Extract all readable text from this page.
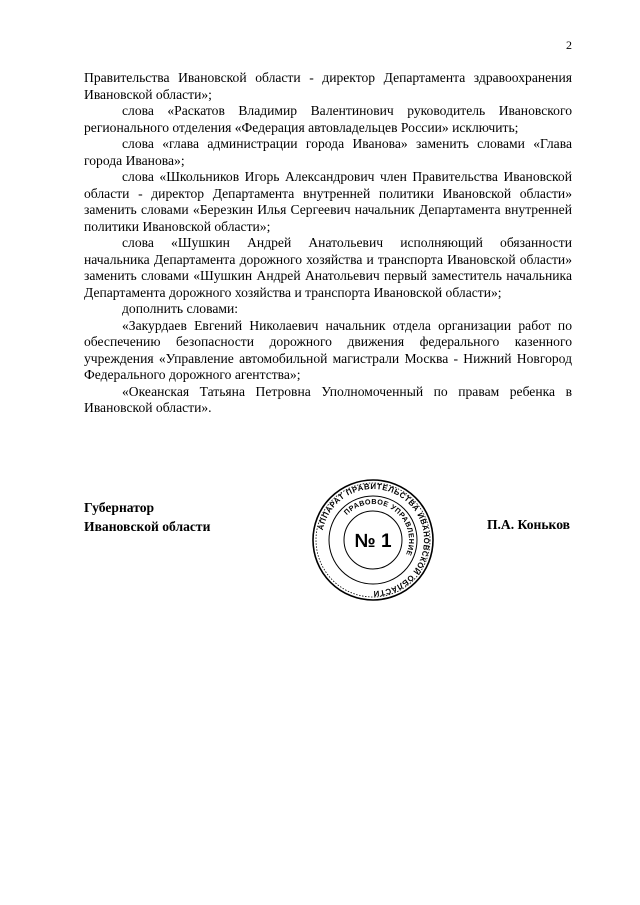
2

Правительства Ивановской области - директор Департамента здравоохранения Ивановской области»;

слова «Раскатов Владимир Валентинович руководитель Ивановского регионального отделения «Федерация автовладельцев России» исключить;

слова «глава администрации города Иванова» заменить словами «Глава города Иванова»;

слова «Школьников Игорь Александрович член Правительства Ивановской области - директор Департамента внутренней политики Ивановской области» заменить словами «Березкин Илья Сергеевич начальник Департамента внутренней политики Ивановской области»;

слова «Шушкин Андрей Анатольевич исполняющий обязанности начальника Департамента дорожного хозяйства и транспорта Ивановской области» заменить словами «Шушкин Андрей Анатольевич первый заместитель начальника Департамента дорожного хозяйства и транспорта Ивановской области»;

дополнить словами:

«Закурдаев Евгений Николаевич начальник отдела организации работ по обеспечению безопасности дорожного движения федерального казенного учреждения «Управление автомобильной магистрали Москва - Нижний Новгород Федерального дорожного агентства»;

«Океанская Татьяна Петровна Уполномоченный по правам ребенка в Ивановской области».

Губернатор
Ивановской области	АППАРАТ ПРАВИТЕЛЬСТВА ИВАНОВСКОЙ ОБЛАСТИ
ПРАВОВОЕ УПРАВЛЕНИЕ
№ 1
П.А. Коньков
